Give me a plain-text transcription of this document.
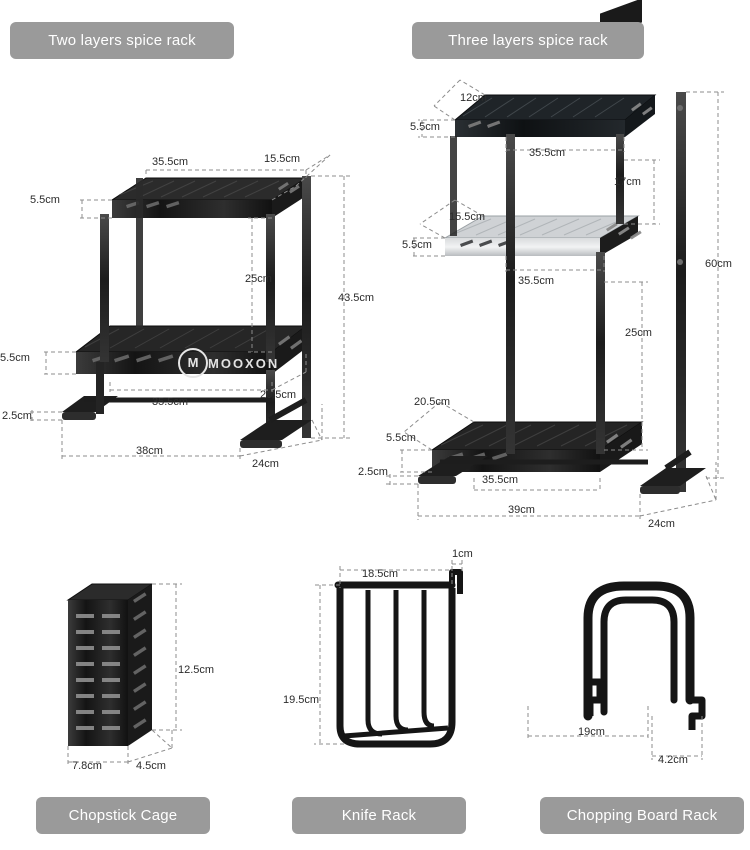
M MOOXON
35.5cm	15.5cm
5.5cm
25cm
43.5cm
5.5cm
35.5cm
20.5cm
2.5cm
38cm
24cm
12cm
5.5cm
35.5cm
17cm
15.5cm
5.5cm
35.5cm
60cm
25cm
20.5cm
5.5cm
2.5cm
35.5cm
39cm
24cm
12.5cm
7.8cm	4.5cm
18.5cm
1cm
19.5cm
19cm
4.2cm
Two layers spice rack	Three layers spice rack
Chopstick Cage	Knife Rack	Chopping Board Rack
